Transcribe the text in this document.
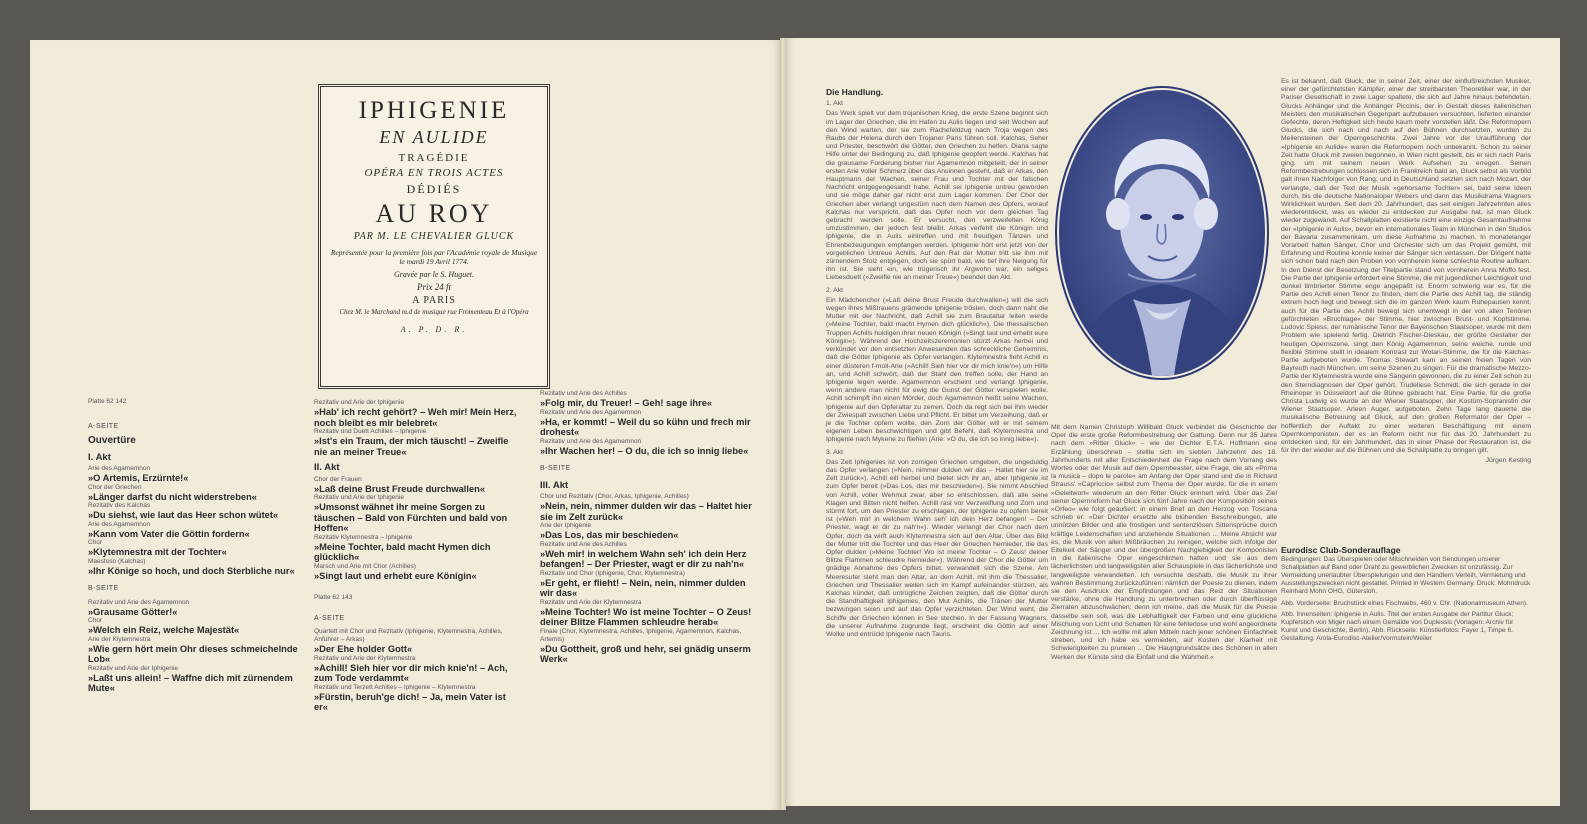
IPHIGENIE
EN AULIDE
TRAGÉDIE
OPÉRA EN TROIS ACTES
DÉDIÉS
AU ROY
PAR M. LE CHEVALIER GLUCK
Représentée pour la première fois par l'Académie royale de Musique le mardi 19 Avril 1774.
Gravée par le S. Huguet.
Prix 24 ft
A PARIS
Chez M. le Marchand m.d de musique rue Fromenteau Et à l'Opéra
A. P. D. R.
Platte 62 142
A-SEITE
Ouvertüre
I. Akt
Arie des Agamemnon
»O Artemis, Erzürnte!«
Chor der Griechen
»Länger darfst du nicht widerstreben«
Rezitativ des Kalchas
»Du siehst, wie laut das Heer schon wütet«
Arie des Agamemnon
»Kann vom Vater die Göttin fordern«
Chor
»Klytemnestra mit der Tochter«
Maestoso (Kalchas)
»Ihr Könige so hoch, und doch Sterbliche nur«
B-SEITE
Rezitativ und Arie des Agamemnon
»Grausame Götter!«
Chor
»Welch ein Reiz, welche Majestät«
Arie der Klytemnestra
»Wie gern hört mein Ohr dieses schmeichelnde Lob«
Rezitativ und Arie der Iphigenie
»Laßt uns allein! – Waffne dich mit zürnendem Mute«
Rezitativ und Arie der Iphigenie
»Hab' ich recht gehört? – Weh mir! Mein Herz, noch bleibt es mir belebret«
Rezitativ und Duett Achilles – Iphigenie
»Ist's ein Traum, der mich täuscht! – Zweifle nie an meiner Treue«
II. Akt
Chor der Frauen
»Laß deine Brust Freude durchwallen«
Rezitativ und Arie der Iphigenie
»Umsonst wähnet ihr meine Sorgen zu täuschen – Bald von Fürchten und bald von Hoffen«
Rezitativ Klytemnestra – Iphigenie
»Meine Tochter, bald macht Hymen dich glücklich«
Marsch und Arie mit Chor (Achilles)
»Singt laut und erhebt eure Königin«
Platte 62 143
A-SEITE
Quartett mit Chor und Rezitativ (Iphigenie, Klytemnestra, Achilles, Anführer – Arkas)
»Der Ehe holder Gott«
Rezitativ und Arie der Klytemnestra
»Achill! Sieh hier vor dir mich knie'n! – Ach, zum Tode verdammt«
Rezitativ und Terzett Achilles – Iphigenie – Klytemnestra
»Fürstin, beruh'ge dich! – Ja, mein Vater ist er«
Rezitativ und Arie des Achilles
»Folg mir, du Treuer! – Geh! sage ihre«
Rezitativ und Arie des Agamemnon
»Ha, er kommt! – Weil du so kühn und frech mir drohest«
Rezitativ und Arie des Agamemnon
»Ihr Wachen her! – O du, die ich so innig liebe«
B-SEITE
III. Akt
Chor und Rezitativ (Chor, Arkas, Iphigenie, Achilles)
»Nein, nein, nimmer dulden wir das – Haltet hier sie im Zelt zurück«
Arie der Iphigenie
»Das Los, das mir beschieden«
Rezitativ und Arie des Achilles
»Weh mir! in welchem Wahn seh' ich dein Herz befangen! – Der Priester, wagt er dir zu nah'n«
Rezitativ und Chor (Iphigenie, Chor, Klytemnestra)
»Er geht, er flieht! – Nein, nein, nimmer dulden wir das«
Rezitativ und Arie der Klytemnestra
»Meine Tochter! Wo ist meine Tochter – O Zeus! deiner Blitze Flammen schleudre herab«
Finale (Chor, Klytemnestra, Achilles, Iphigenie, Agamemnon, Kalchas, Artemis)
»Du Gottheit, groß und hehr, sei gnädig unserm Werk«
Die Handlung.
1. Akt
Das Werk spielt vor dem trojanischen Krieg, die erste Szene beginnt sich im Lager der Griechen, die im Hafen zu Aulis liegen und seit Wochen auf den Wind warten, der sie zum Rachefeldzug nach Troja wegen des Raubs der Helena durch den Trojaner Paris führen soll. Kalchas, Seher und Priester, beschwört die Götter, den Griechen zu helfen. Diana sagte Hilfe unter der Bedingung zu, daß Iphigenie geopfert werde. Kalchas hat die grausame Forderung bisher nur Agamemnon mitgeteilt, der in seiner ersten Arie voller Schmerz über das Ansinnen gesteht, daß er Arkas, den Hauptmann der Wachen, seiner Frau und Tochter mit der falschen Nachricht entgegengesandt habe. Achill sei Iphigenie untreu geworden und sie möge daher gar nicht erst zum Lager kommen. Der Chor der Griechen aber verlangt ungestüm nach dem Namen des Opfers, worauf Kalchas nur verspricht, daß das Opfer noch vor dem gleichen Tag gebracht werden solle. Er versucht, den verzweifelten König umzustimmen, der jedoch fest bleibt. Arkas verfehlt die Königin und Iphigenie, die in Aulis eintreffen und mit freudigen Tänzen und Ehrenbezeugungen empfangen werden. Iphigenie hört erst jetzt von der vorgeblichen Untreue Achills. Auf den Rat der Mutter tritt sie ihm mit zürnendem Stolz entgegen, doch sie spürt bald, wie tief ihre Neigung für ihn ist. Sie sieht ein, wie trügerisch ihr Argwohn war, ein seliges Liebesduett (»Zweifle nie an meiner Treue«) beendet den Akt.
2. Akt
Ein Mädchenchor (»Laß deine Brust Freude durchwallen«) will die sich wegen ihres Mißtrauens grämende Iphigenie trösten, doch dann naht die Mutter mit der Nachricht, daß Achill sie zum Brautaltar leiten werde (»Meine Tochter, bald macht Hymen dich glücklich«). Die thessalischen Truppen Achills huldigen ihrer neuen Königin (»Singt laut und erhebt eure Königin«). Während der Hochzeitszeremonien stürzt Arkas herbei und verkündet vor den entsetzten Anwesenden das schreckliche Geheimnis, daß die Götter Iphigenie als Opfer verlangen. Klytemnestra fleht Achill in einer düsteren f-moll-Arie (»Achill! Sieh hier vor dir mich knie'n«) um Hilfe an, und Achill schwört, daß der Stahl den treffen solle, der Hand an Iphigenie legen werde. Agamemnon erscheint und verlangt Iphigenie, wenn andere man nicht für ewig die Gunst der Götter verspielen wolle. Achill schimpft ihn einen Mörder, doch Agamemnon heißt seine Wachen, Iphigenie auf den Opferaltar zu zerren. Doch da regt sich bei ihm wieder der Zwiespalt zwischen Liebe und Pflicht. Er bittet um Verzeihung, daß er je die Tochter opfern wollte, den Zorn der Götter will er mit seinem eigenen Leben beschwichtigen und gibt Befehl, daß Klytemnestra und Iphigenie nach Mykene zu fliehen (Arie: »O du, die ich so innig liebe«).
3. Akt
Das Zelt Iphigenies ist von zornigen Griechen umgeben, die ungeduldig das Opfer verlangen (»Nein, nimmer dulden wir das – Haltet hier sie im Zelt zurück«). Achill eilt herbei und bietet sich ihr an, aber Iphigenie ist zum Opfer bereit (»Das Los, das mir beschieden«). Sie nimmt Abschied von Achill, voller Wehmut zwar, aber so entschlossen, daß alle seine Klagen und Bitten nicht helfen. Achill rast vor Verzweiflung und Zorn und stürmt fort, um den Priester zu erschlagen, der Iphigenie zu opfern bereit ist (»Weh mir! in welchem Wahn seh' ich dein Herz befangen! – Der Priester, wagt er dir zu nah'n«). Wieder verlangt der Chor nach dem Opfer, doch da wirft auch Klytemnestra sich auf den Altar. Über das Bild der Mutter tritt die Tochter und das Heer der Griechen hernieder, die das Opfer dulden (»Meine Tochter! Wo ist meine Tochter – O Zeus! deiner Blitze Flammen schleudre hernieder«). Während der Chor die Götter um gnädige Annahme des Opfers bittet, verwandelt sich die Szene. Am Meeresufer steht man den Altar, an dem Achill, mit ihm die Thessalier, Griechen und Thessalier weilen sich im Kampf aufeinander stürzen, als Kalchas kündet, daß untrügliche Zeichen zeigten, daß die Götter durch die Standhaftigkeit Iphigenies, den Mut Achills, die Tränen der Mutter bezwungen seien und auf das Opfer verzichteten. Der Wind weht, die Schiffe der Griechen können in See stechen. In der Fassung Wagners, die unserer Aufnahme zugrunde liegt, erscheint die Göttin auf einer Wolke und entrückt Iphigenie nach Tauris.
Mit dem Namen Christoph Willibald Gluck verbindet die Geschichte der Oper die erste große Reformbestrebung der Gattung. Denn nur 35 Jahre nach dem »Ritter Gluck« – wie der Dichter E.T.A. Hoffmann eine Erzählung überschrieb – stellte sich im siebten Jahrzehnt des 18. Jahrhunderts mit aller Entschiedenheit die Frage nach dem Vorrang des Wortes oder der Musik auf dem Opernbeaster, eine Frage, die als »Prima la musica – dopo le parole« am Anfang der Oper stand und die in Richard Strauss' »Capriccio« selbst zum Thema der Oper wurde, für die in einem »Geleitwort« wiederum an den Ritter Gluck erinnert wird. Über das Ziel seiner Opernreform hat Gluck sich fünf Jahre nach der Komposition seines »Orfeo« wie folgt geäußert: in einem Brief an den Herzog von Toscana schrieb er: »Der Dichter ersetzte alle blühenden Beschreibungen, alle unnützen Bilder und alle frostigen und sentenziösen Sittensprüche durch kräftige Leidenschaften und anziehende Situationen ... Meine Absicht war es, die Musik von allen Mißbräuchen zu reinigen, welche sich infolge der Eitelkeit der Sänger und der übergroßen Nachgiebigkeit der Komponisten in die italienische Oper eingeschlichen hatten und sie aus dem lächerlichsten und langweiligsten aller Schauspiele in das lächerlichste und langweiligste verwandelten. Ich versuchte deshalb, die Musik zu ihrer wahren Bestimmung zurückzuführen: nämlich der Poesie zu dienen, indem sie den Ausdruck der Empfindungen und das Reiz der Situationen verstärke, ohne die Handlung zu unterbrechen oder durch überflüssige Zierraten abzuschwächen; denn ich meine, daß die Musik für die Poesie dasselbe sein soll, was die Lebhaftigkeit der Farben und eine glückliche Mischung von Licht und Schatten für eine fehlerlose und wohl angeordnete Zeichnung ist ... Ich wollte mit allen Mitteln nach jener schönen Einfachheit streben, und ich habe es vermieden, auf Kosten der Klarheit mit Schwierigkeiten zu prunken ... Die Hauptgrundsätze des Schönen in allen Werken der Künste sind die Einfalt und die Wahrheit.«
Es ist bekannt, daß Gluck, der in seiner Zeit, einer der einflußreichsten Musiker, einer der gefürchtetsten Kämpfer, einer der streitbarsten Theoretiker war, in der Pariser Gesellschaft in zwei Lager spaltete, die sich auf Jahre hinaus befehdeten. Glucks Anhänger und die Anhänger Piccinis, der in Gestalt dieses italienischen Meisters den musikalischen Gegenpart aufzubauen versuchten, lieferten einander Gefechte, deren Heftigkeit sich heute kaum mehr vorstellen läßt. Die Reformopern Glucks, die sich nach und nach auf den Bühnen durchsetzten, wurden zu Meilensteinen der Operngeschichte. Zwei Jahre vor der Uraufführung der »Iphigenie en Aulide« waren die Reformopern noch unbekannt. Schon zu seiner Zeit hatte Gluck mit zweien begonnen, in Wien nicht gestellt, bis er sich nach Paris ging, um mit seinem neuen Werk Aufsehen zu erregen. Seinen Reformbestrebungen schlossen sich in Frankreich bald an, Gluck selbst als Vorbild galt ihren Nachfolger von Rang; und in Deutschland setzten sich nach Mozart, der verlangte, daß der Text der Musik »gehorsame Tochter« sei, bald seine Ideen durch, bis die deutsche Nationaloper Webers und dann das Musikdrama Wagners Wirklichkeit wurden. Seit dem 20. Jahrhundert, das seit einigen Jahrzehnten alles wiederentdeckt, was es wieder zu entdecken zur Ausgabe hat, ist man Gluck wieder zugewandt. Auf Schallplatten existierte nicht eine einzige Gesamtaufnahme der »Iphigenie in Aulis«, bevor ein internationales Team in München in den Studios der Bavaria zusammenkam, um diese Aufnahme zu machen. In monatelanger Vorarbeit hatten Sänger, Chor und Orchester sich um das Projekt gemüht, mit Erfahrung und Routine konnte keiner der Sänger sich verlassen. Der Dirigent hatte sich schon bald nach den Proben von vornherein keine schlechte Routine aufkam. In den Dienst der Besetzung der Titelpartie stand von vornherein Anna Moffo fest. Die Partie der Iphigenie erfordert eine Stimme, die mit jugendlicher Leichtigkeit und dunkel timbrierter Stimme enge angepaßt ist. Enorm schwierig war es, für die Partie des Achill einen Tenor zu finden, dem die Partie des Achill lag, die ständig extrem hoch liegt und bewegt sich die im ganzen Werk kaum Ruhepausen kennt; auch für die Partie des Achill bewegt sich unentwegt in der von allen Tenören gefürchteten »Bruchlage« der Stimme, hier zwischen Brust- und Kopfstimme. Ludovic Spiess, der rumänische Tenor der Bayerischen Staatsoper, wurde mit dem Problem wie spielend fertig. Dietrich Fischer-Dieskau, der größte Gestalter der heutigen Opernszene, singt den König Agamemnon, seine weiche, runde und flexible Stimme stellt in idealem Kontrast zur Wotan-Stimme, die für die Kalchas-Partie aufgeboten wurde. Thomas Stewart kam an seinen freien Tagen von Bayreuth nach München, um seine Szenen zu singen. Für die dramatische Mezzo-Partie der Klytemnestra wurde eine Sängerin gewonnen, die zu einer Zeit schon zu den Sterndiagnosen der Oper gehört, Trudeliese Schmidt, die sich gerade in der Rheinoper in Düsseldorf auf die Bühne gebracht hat. Eine Partie, für die große Christa Ludwig es wurde an der Wiener Staatsoper, der Kostüm-Sopranistin der Wiener Staatsoper. Arleen Auger, aufgeboten, Zehn Tage lang dauerte die musikalische Betreuung auf Gluck, auf den großen Reformator der Oper – hoffentlich der Auftakt zu einer weiteren Beschäftigung mit einem Opernkomponisten, der es an Reform nicht nur für das 20. Jahrhundert zu entdecken sind, für ein Jahrhundert, das in einer Phase der Restauration ist, die für ihn der wieder auf die Bühnen und die Schallplatte zu bringen gilt.
Jürgen Kesting
Eurodisc Club-Sonderauflage
Bedingungen: Das Überspielen oder Mitschneiden von Sendungen unserer Schallplatten auf Band oder Draht zu gewerblichen Zwecken ist unzulässig. Zur Vermeidung unerlaubter Überspielungen und den Händlern Verleih, Vermietung und Ausstellungszwecken nicht gestattet. Printed in Western Germany. Druck: Mohndruck Reinhard Mohn OHG, Gütersloh.
Abb. Vorderseite: Bruchstück eines Fischwebs, 460 v. Chr. (Nationalmuseum Athen).
Abb. Innenseiten: Iphigenie in Aulis. Titel der ersten Ausgabe der Partitur Gluck; Kupferstich von Miger nach einem Gemälde von Duplessis (Vorlagen: Archiv für Kunst und Geschichte, Berlin). Abb. Rückseite: Künstlerfotos: Fayer 1, Timpe 6. Gestaltung: Arola-Eurodisc-Atelier/Vormstein/Weiler
